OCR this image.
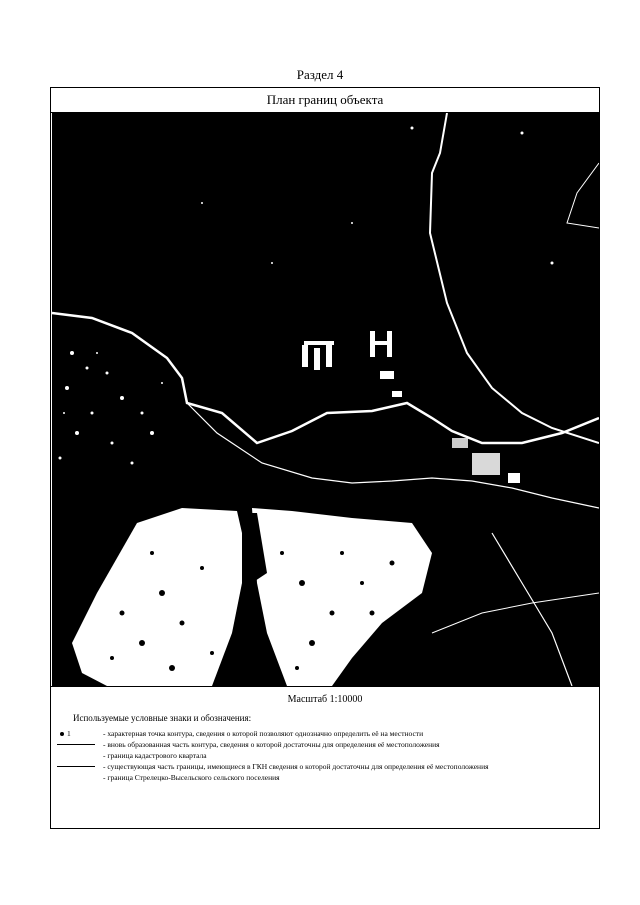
Раздел 4
План границ объекта
Масштаб 1:10000
Используемые условные знаки и обозначения:
1	- характерная точка контура, сведения о которой позволяют однозначно определить её на местности
- вновь образованная часть контура, сведения о которой достаточны для определения её местоположения
- граница кадастрового квартала
- существующая часть границы, имеющиеся в ГКН сведения о которой достаточны для определения её местоположения
- граница Стрелецко-Высельского сельского поселения
